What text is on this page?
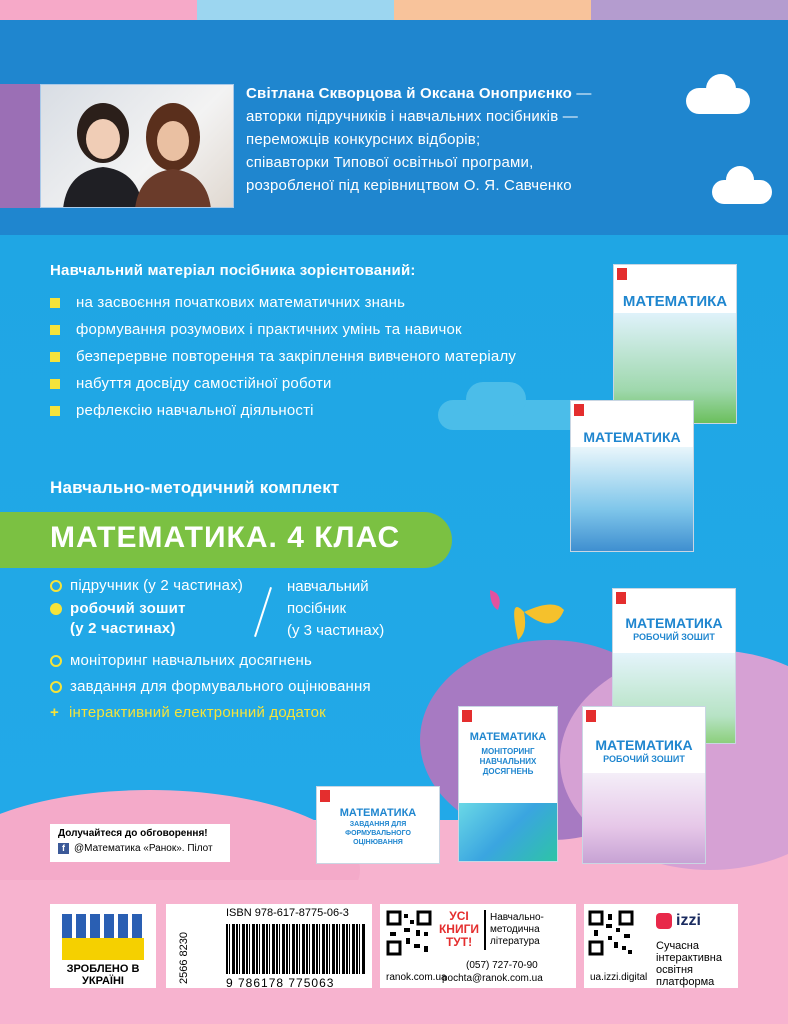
Світлана Скворцова й Оксана Оноприєнко —
авторки підручників і навчальних посібників —
переможців конкурсних відборів;
співавторки Типової освітньої програми,
розробленої під керівництвом О. Я. Савченко
Навчальний матеріал посібника зорієнтований:
на засвоєння початкових математичних знань
формування розумових і практичних умінь та навичок
безперервне повторення та закріплення вивченого матеріалу
набуття досвіду самостійної роботи
рефлексію навчальної діяльності
Навчально-методичний комплект
МАТЕМАТИКА. 4 КЛАС
підручник (у 2 частинах)
робочий зошит
(у 2 частинах)
навчальний
посібник
(у 3 частинах)
моніторинг навчальних досягнень
завдання для формувального оцінювання
+ інтерактивний електронний додаток
МАТЕМАТИКА
МАТЕМАТИКА
МАТЕМАТИКА
РОБОЧИЙ ЗОШИТ
МАТЕМАТИКА
РОБОЧИЙ ЗОШИТ
МАТЕМАТИКА
МОНІТОРИНГ НАВЧАЛЬНИХ ДОСЯГНЕНЬ
МАТЕМАТИКА
ЗАВДАННЯ ДЛЯ ФОРМУВАЛЬНОГО ОЦІНЮВАННЯ
Долучайтеся до обговорення!
f @Математика «Ранок». Пілот
ЗРОБЛЕНО В УКРАЇНІ	2566 8230
ISBN 978-617-8775-06-3
9 786178 775063	ranok.com.ua
УСІ КНИГИ ТУТ!
Навчально-методична література
(057) 727-70-90
pochta@ranok.com.ua	ua.izzi.digital
izzi
Сучасна інтерактивна освітня платформа
